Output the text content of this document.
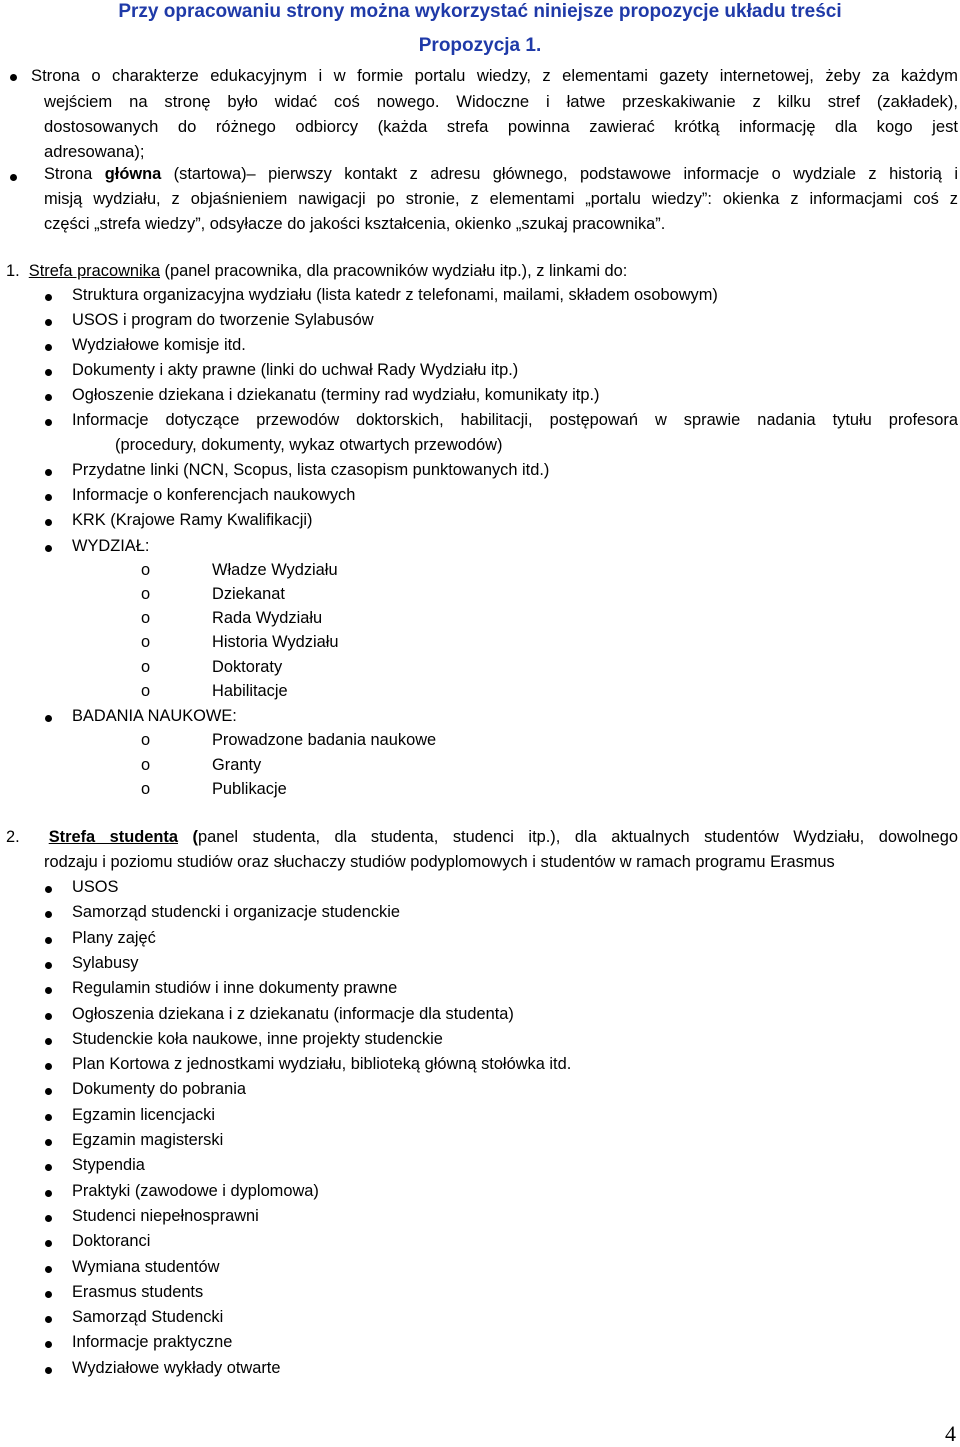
Przy opracowaniu strony można wykorzystać niniejsze propozycje układu treści
Propozycja 1.
Strona o charakterze edukacyjnym i w formie portalu wiedzy, z elementami gazety internetowej, żeby za każdym
wejściem na stronę było widać coś nowego. Widoczne i łatwe przeskakiwanie z kilku stref (zakładek),
dostosowanych do różnego odbiorcy (każda strefa powinna zawierać krótką informację dla kogo jest
adresowana);
Strona główna (startowa)– pierwszy kontakt z adresu głównego, podstawowe informacje o wydziale z historią i
misją wydziału, z objaśnieniem nawigacji po stronie, z elementami „portalu wiedzy”: okienka z informacjami coś z
części „strefa wiedzy”, odsyłacze do jakości kształcenia, okienko „szukaj pracownika”.
1. Strefa pracownika (panel pracownika, dla pracowników wydziału itp.), z linkami do:
Struktura organizacyjna wydziału (lista katedr z telefonami, mailami, składem osobowym)
USOS i program do tworzenie Sylabusów
Wydziałowe komisje itd.
Dokumenty i akty prawne (linki do uchwał Rady Wydziału itp.)
Ogłoszenie dziekana i dziekanatu (terminy rad wydziału, komunikaty itp.)
Informacje dotyczące przewodów doktorskich, habilitacji, postępowań w sprawie nadania tytułu profesora
(procedury, dokumenty, wykaz otwartych przewodów)
Przydatne linki (NCN, Scopus, lista czasopism punktowanych itd.)
Informacje o konferencjach naukowych
KRK (Krajowe Ramy Kwalifikacji)
WYDZIAŁ:
o	Władze Wydziału
o	Dziekanat
o	Rada Wydziału
o	Historia Wydziału
o	Doktoraty
o	Habilitacje
BADANIA NAUKOWE:
o	Prowadzone badania naukowe
o	Granty
o	Publikacje
2. Strefa studenta (panel studenta, dla studenta, studenci itp.), dla aktualnych studentów Wydziału, dowolnego
rodzaju i poziomu studiów oraz słuchaczy studiów podyplomowych i studentów w ramach programu Erasmus
USOS
Samorząd studencki i organizacje studenckie
Plany zajęć
Sylabusy
Regulamin studiów i inne dokumenty prawne
Ogłoszenia dziekana i z dziekanatu (informacje dla studenta)
Studenckie koła naukowe, inne projekty studenckie
Plan Kortowa z jednostkami wydziału, biblioteką główną stołówka itd.
Dokumenty do pobrania
Egzamin licencjacki
Egzamin magisterski
Stypendia
Praktyki (zawodowe i dyplomowa)
Studenci niepełnosprawni
Doktoranci
Wymiana studentów
Erasmus students
Samorząd Studencki
Informacje praktyczne
Wydziałowe wykłady otwarte
4
